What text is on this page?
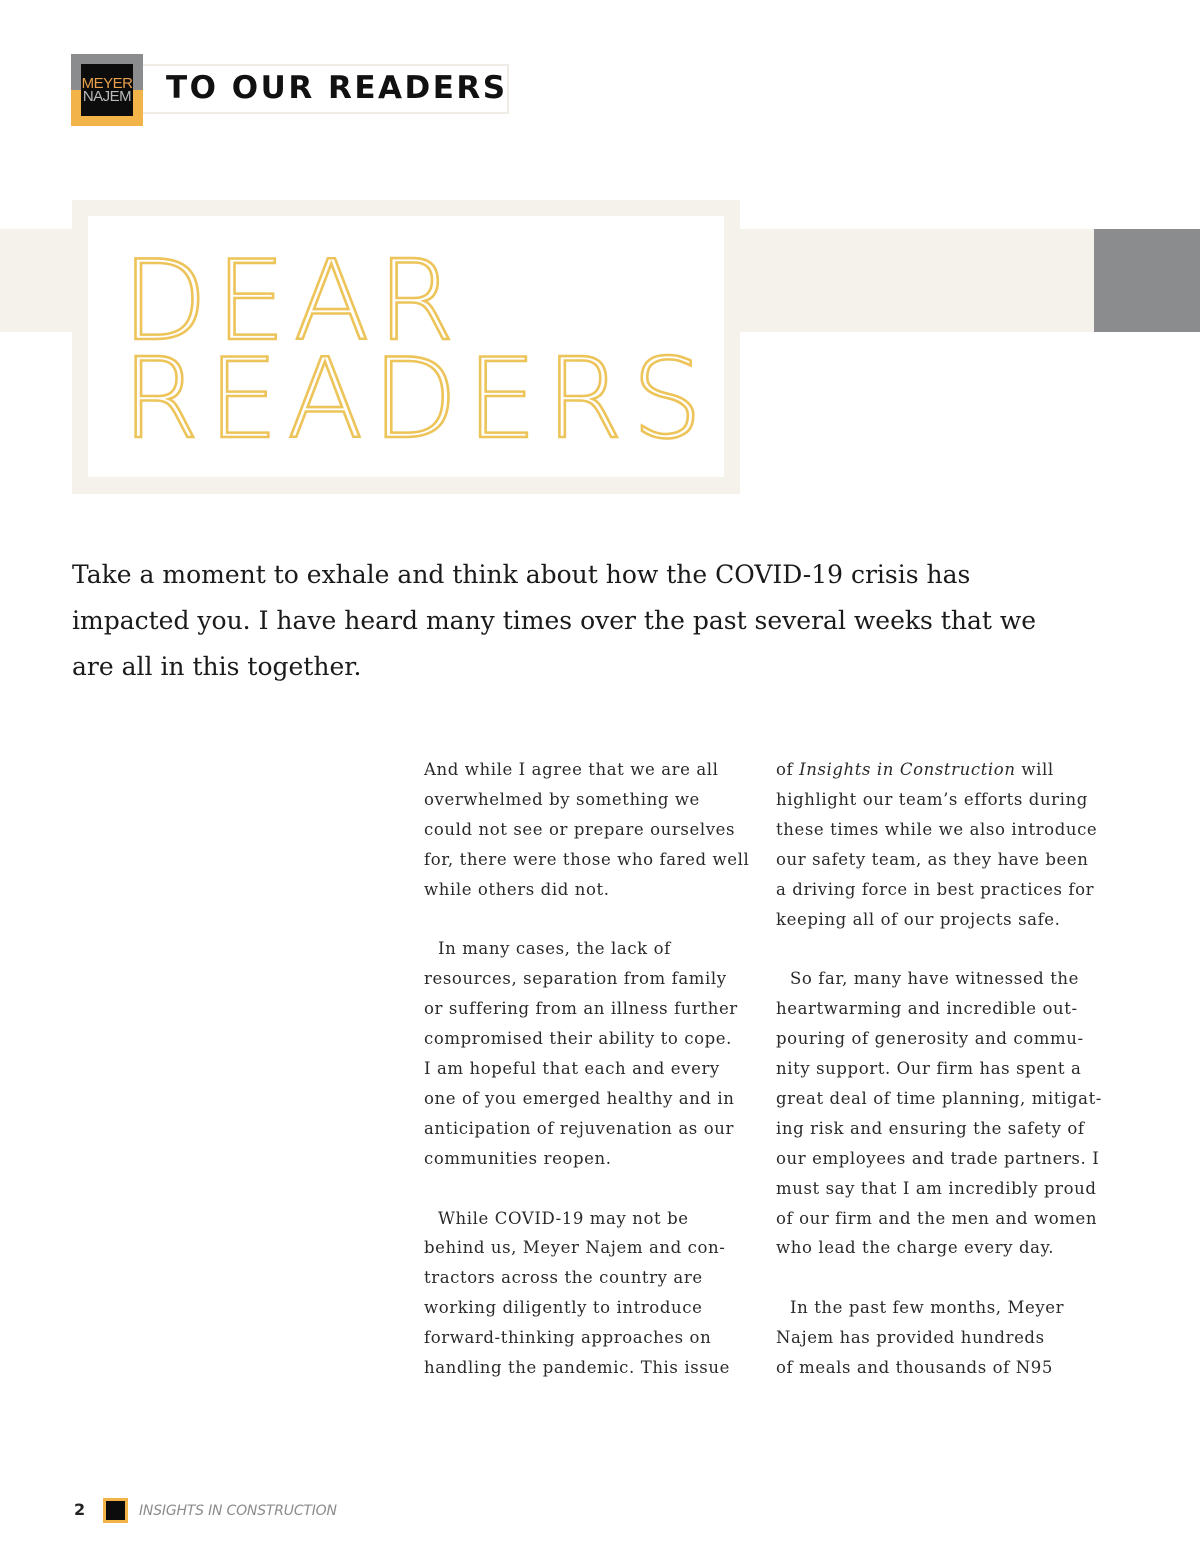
MEYER
NAJEM TO OUR READERS
DEAR
READERS

Take a moment to exhale and think about how the COVID-19 crisis has
impacted you. I have heard many times over the past several weeks that we
are all in this together.

And while I agree that we are all
overwhelmed by something we
could not see or prepare ourselves
for, there were those who fared well
while others did not.
In many cases, the lack of
resources, separation from family
or suffering from an illness further
compromised their ability to cope.
I am hopeful that each and every
one of you emerged healthy and in
anticipation of rejuvenation as our
communities reopen.
While COVID-19 may not be
behind us, Meyer Najem and con-
tractors across the country are
working diligently to introduce
forward-thinking approaches on
handling the pandemic. This issue
of Insights in Construction will
highlight our team’s efforts during
these times while we also introduce
our safety team, as they have been
a driving force in best practices for
keeping all of our projects safe.
So far, many have witnessed the
heartwarming and incredible out-
pouring of generosity and commu-
nity support. Our firm has spent a
great deal of time planning, mitigat-
ing risk and ensuring the safety of
our employees and trade partners. I
must say that I am incredibly proud
of our firm and the men and women
who lead the charge every day.
In the past few months, Meyer
Najem has provided hundreds
of meals and thousands of N95
2	INSIGHTS IN CONSTRUCTION
